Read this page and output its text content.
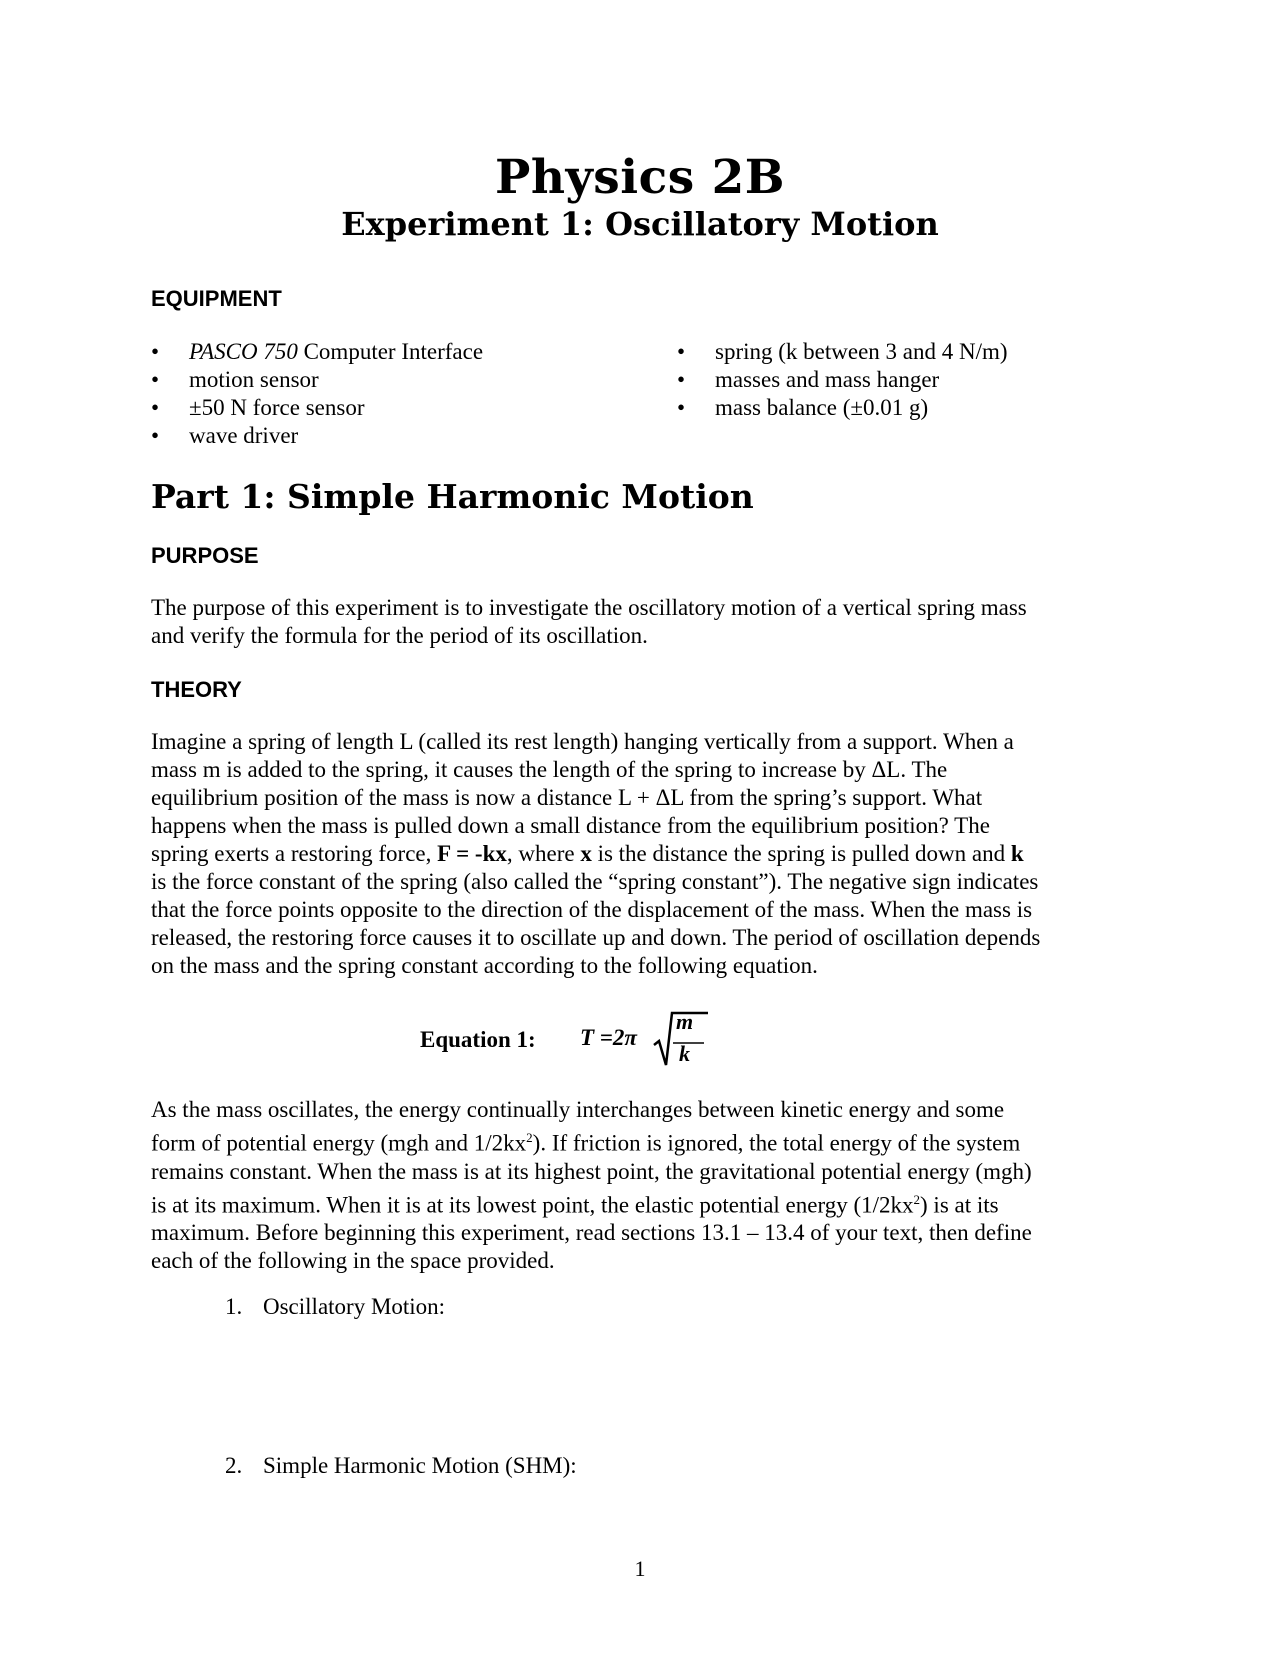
Physics 2B
Experiment 1: Oscillatory Motion
EQUIPMENT
• PASCO 750 Computer Interface
• motion sensor
• ±50 N force sensor
• wave driver
• spring (k between 3 and 4 N/m)
• masses and mass hanger
• mass balance (±0.01 g)
Part 1: Simple Harmonic Motion
PURPOSE

The purpose of this experiment is to investigate the oscillatory motion of a vertical spring mass
and verify the formula for the period of its oscillation.

THEORY

Imagine a spring of length L (called its rest length) hanging vertically from a support. When a
mass m is added to the spring, it causes the length of the spring to increase by ΔL. The
equilibrium position of the mass is now a distance L + ΔL from the spring’s support. What
happens when the mass is pulled down a small distance from the equilibrium position? The
spring exerts a restoring force, F = -kx, where x is the distance the spring is pulled down and k
is the force constant of the spring (also called the “spring constant”). The negative sign indicates
that the force points opposite to the direction of the displacement of the mass. When the mass is
released, the restoring force causes it to oscillate up and down. The period of oscillation depends
on the mass and the spring constant according to the following equation.

Equation 1: T =2π
m
k

As the mass oscillates, the energy continually interchanges between kinetic energy and some
form of potential energy (mgh and $1/2kx^2$). If friction is ignored, the total energy of the system
remains constant. When the mass is at its highest point, the gravitational potential energy (mgh)
is at its maximum. When it is at its lowest point, the elastic potential energy $(1/2kx^2)$ is at its
maximum. Before beginning this experiment, read sections 13.1 – 13.4 of your text, then define
each of the following in the space provided.

1. Oscillatory Motion:
2. Simple Harmonic Motion (SHM):
1
